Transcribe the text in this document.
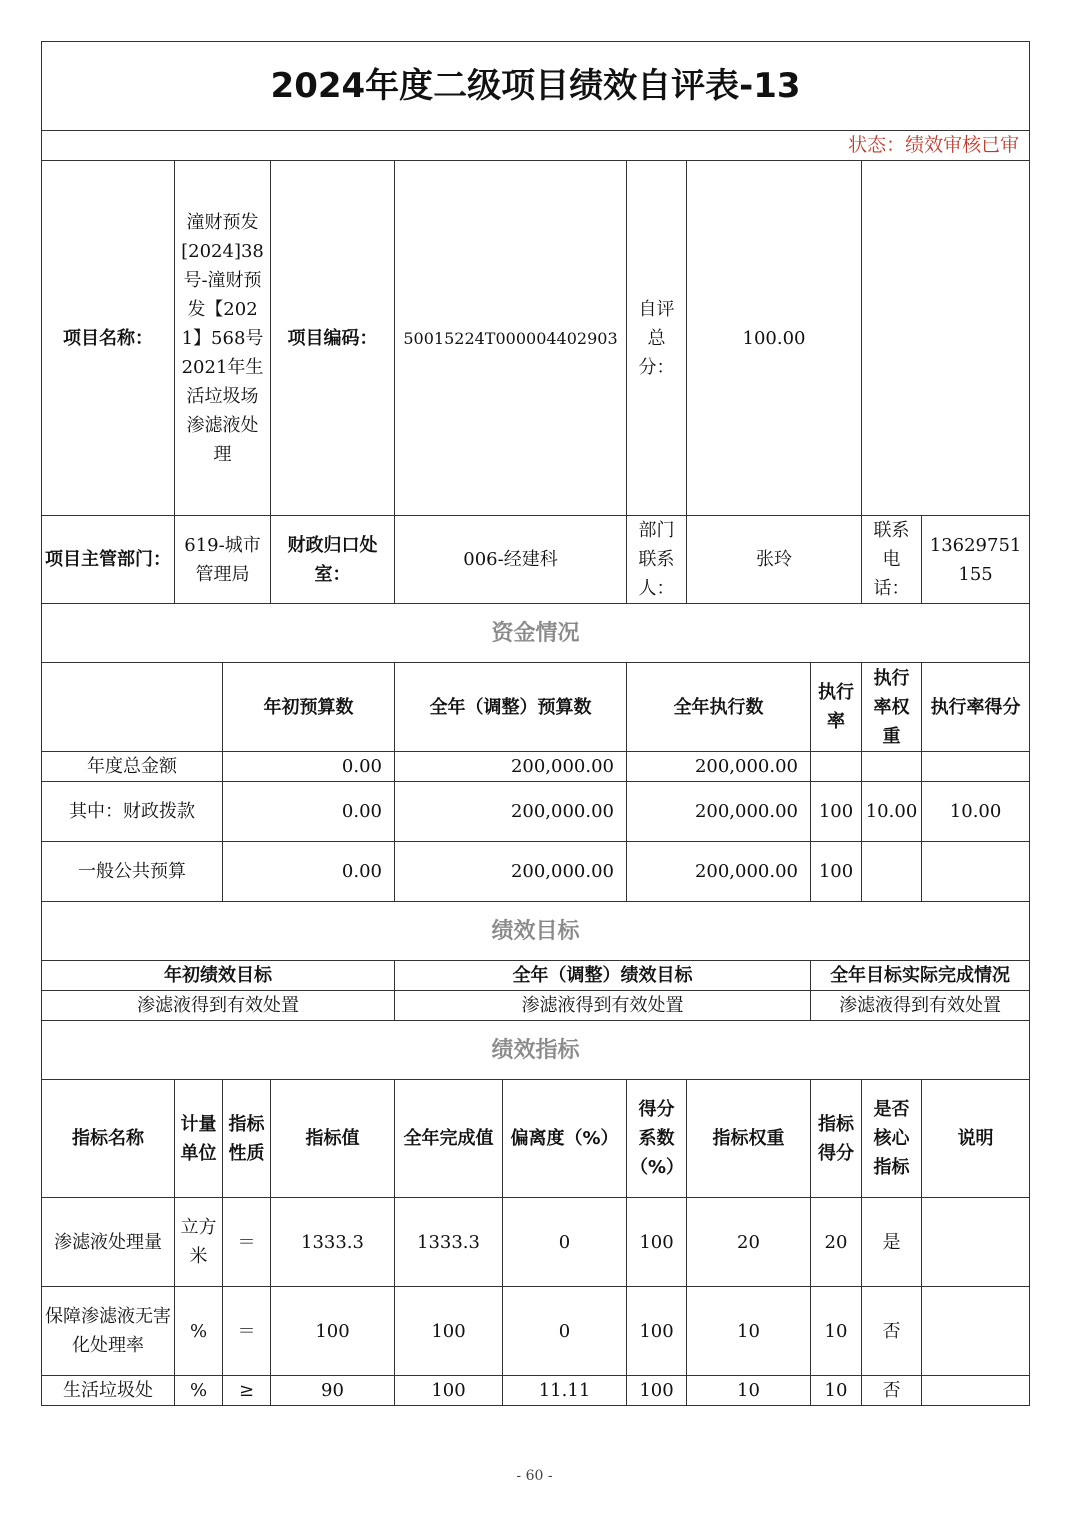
2024年度二级项目绩效自评表-13										
状态：绩效审核已审										
项目名称：	潼财预发[2024]38号-潼财预发【2021】568号2021年生活垃圾场渗滤液处理		项目编码：	50015224T000004402903		自评总分：	100.00			
项目主管部门：	619-城市管理局		财政归口处室：	006-经建科		部门联系人：	张玲		联系电话：	13629751155
资金情况										
		年初预算数		全年（调整）预算数		全年执行数		执行率	执行率权重	执行率得分
年度总金额		0.00		200,000.00		200,000.00				
其中：财政拨款		0.00		200,000.00		200,000.00		100	10.00	10.00
一般公共预算		0.00		200,000.00		200,000.00		100		
绩效目标										
年初绩效目标				全年（调整）绩效目标				全年目标实际完成情况		
渗滤液得到有效处置				渗滤液得到有效处置				渗滤液得到有效处置		
绩效指标										
指标名称	计量单位	指标性质	指标值	全年完成值	偏离度（%）	得分系数（%）	指标权重	指标得分	是否核心指标	说明
渗滤液处理量	立方米	＝	1333.3	1333.3	0	100	20	20	是	
保障渗滤液无害化处理率	%	＝	100	100	0	100	10	10	否	
生活垃圾处	%	≥	90	100	11.11	100	10	10	否	
- 60 -
